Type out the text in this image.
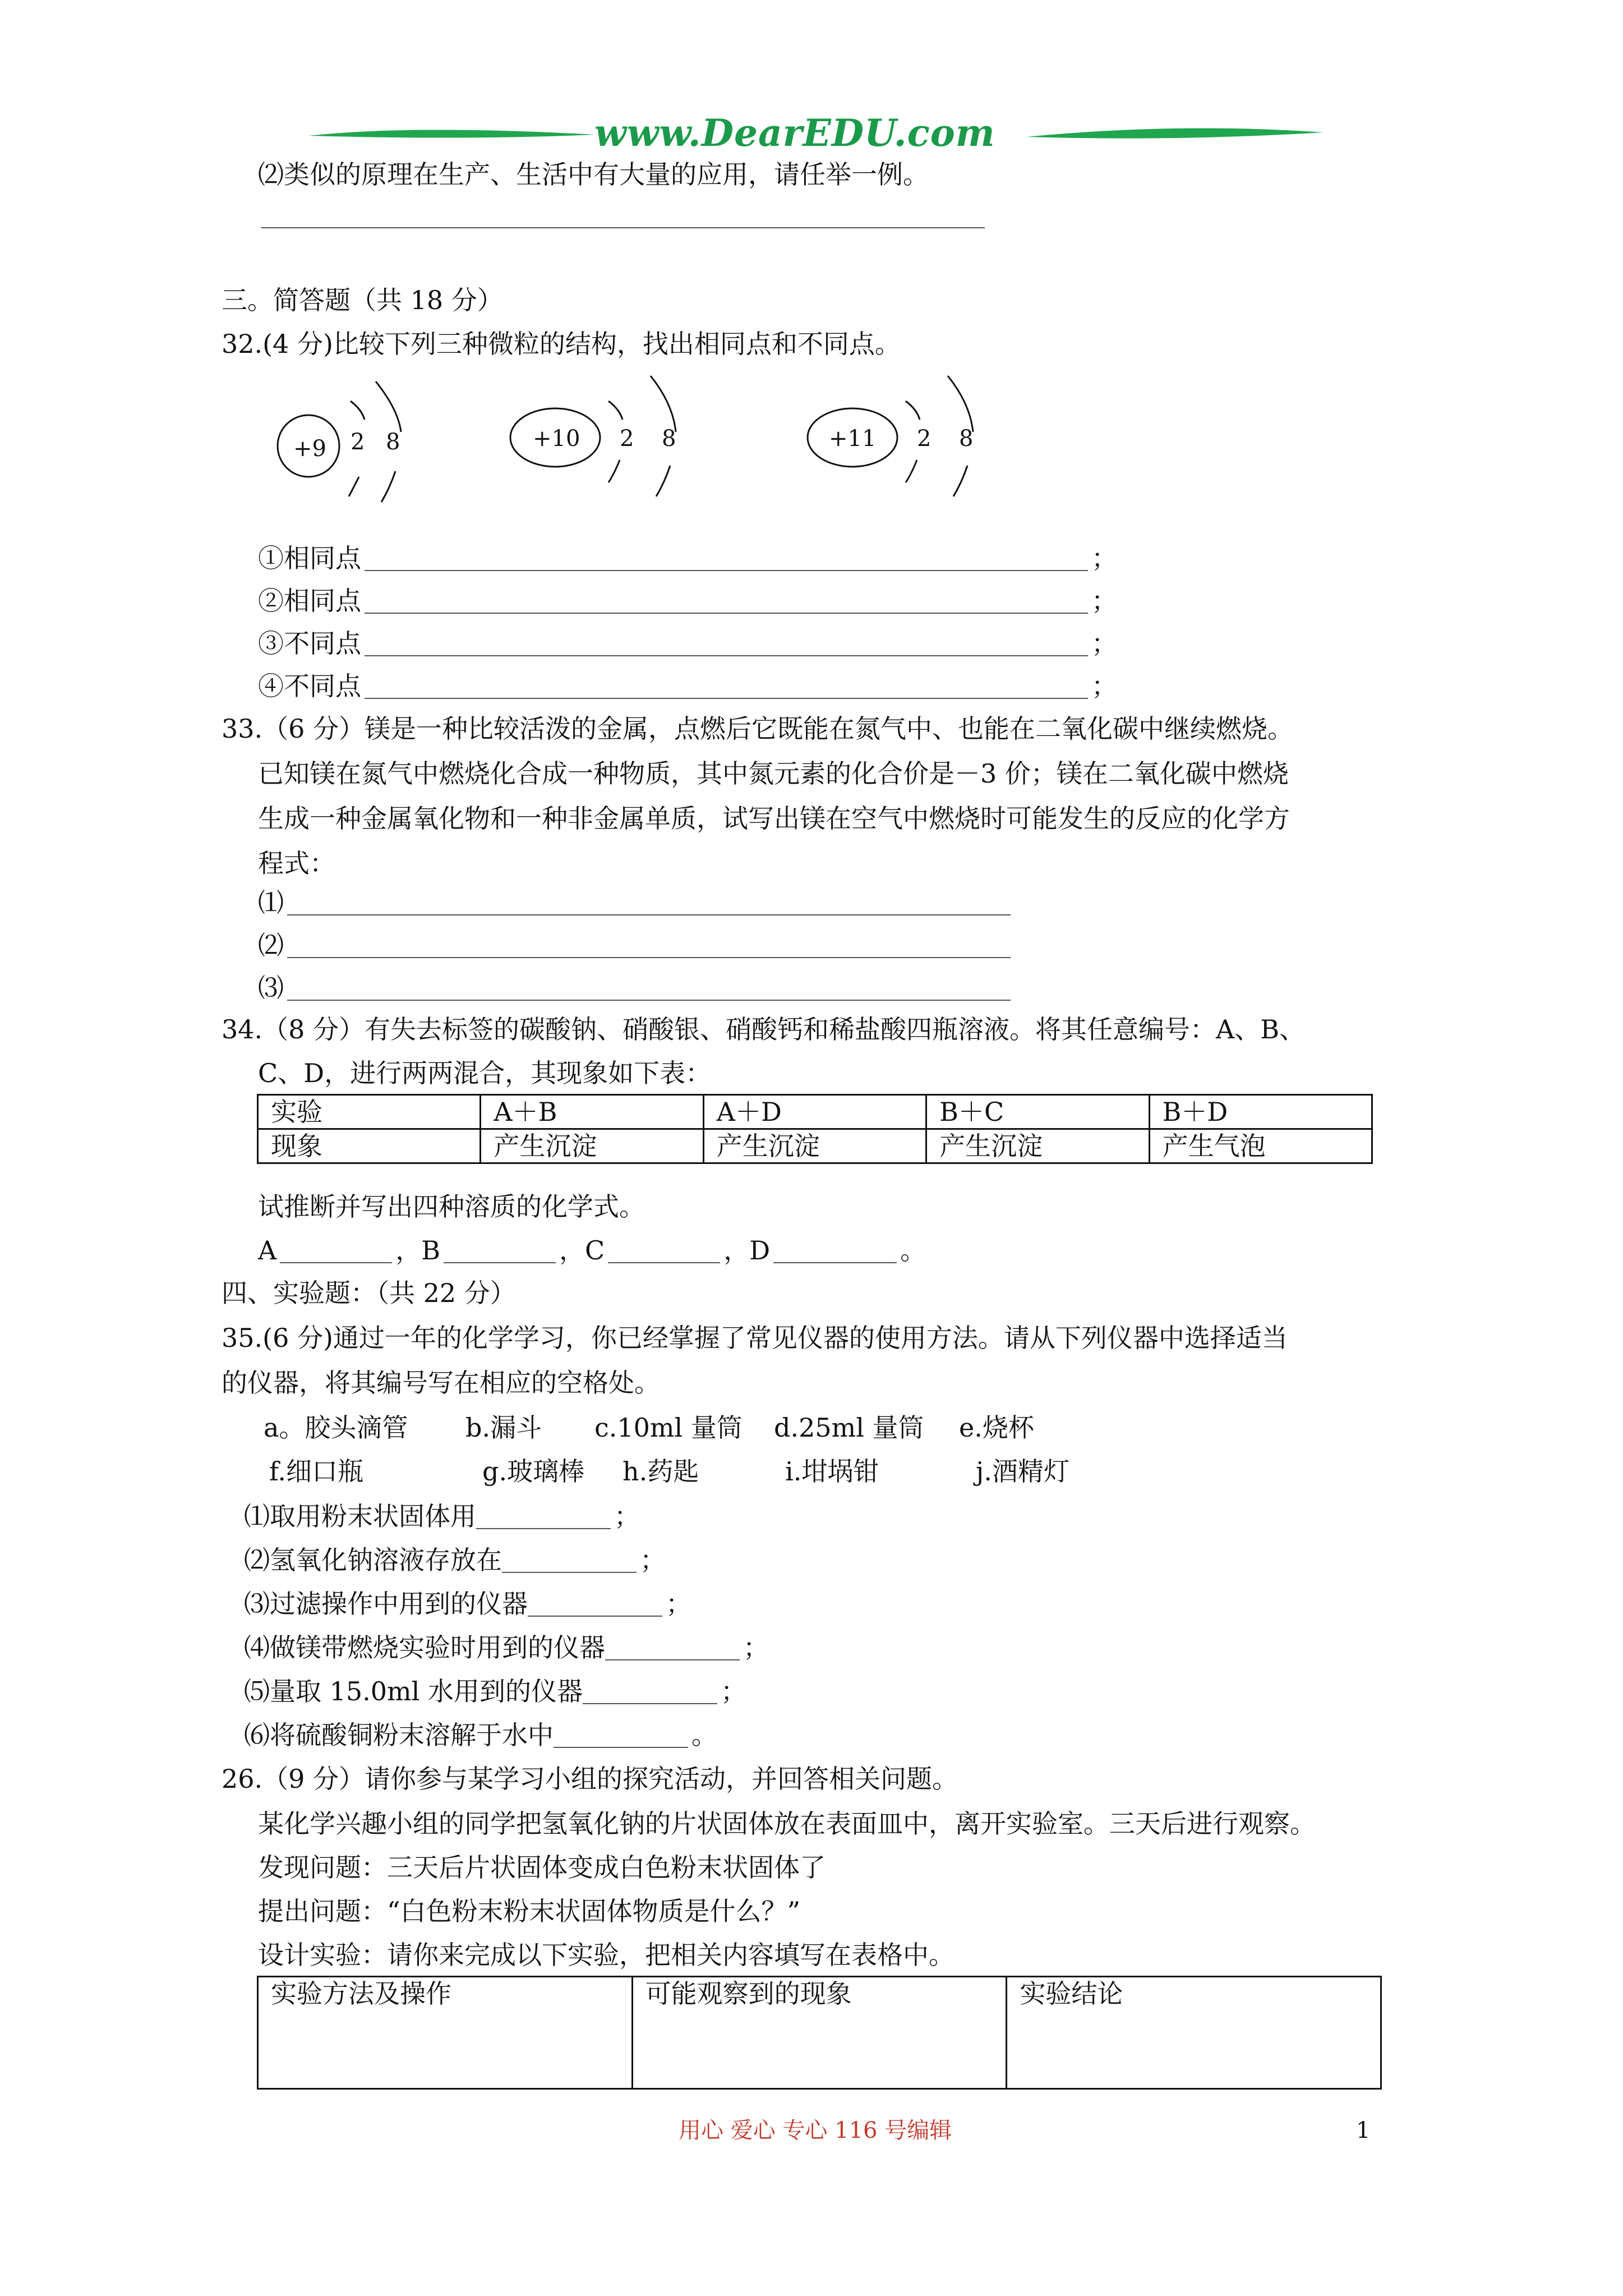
www.DearEDU.com
⑵类似的原理在生产、生活中有大量的应用，请任举一例。
三。简答题（共 18 分）
32.(4 分)比较下列三种微粒的结构，找出相同点和不同点。
+9 2 8	+10 2 8	+11 2 8
①相同点	；
②相同点	；
③不同点	；
④不同点	；
33.（6 分）镁是一种比较活泼的金属，点燃后它既能在氮气中、也能在二氧化碳中继续燃烧。
已知镁在氮气中燃烧化合成一种物质，其中氮元素的化合价是－3 价；镁在二氧化碳中燃烧
生成一种金属氧化物和一种非金属单质，试写出镁在空气中燃烧时可能发生的反应的化学方
程式：
⑴
⑵
⑶
34.（8 分）有失去标签的碳酸钠、硝酸银、硝酸钙和稀盐酸四瓶溶液。将其任意编号：A、B、
C、D，进行两两混合，其现象如下表：
实验	A＋B	A＋D	B＋C	B＋D
现象	产生沉淀	产生沉淀	产生沉淀	产生气泡
试推断并写出四种溶质的化学式。
A	，B	，C	，D	。
四、实验题：（共 22 分）
35.(6 分)通过一年的化学学习，你已经掌握了常见仪器的使用方法。请从下列仪器中选择适当
的仪器，将其编号写在相应的空格处。
a。胶头滴管 b.漏斗 c.10ml 量筒 d.25ml 量筒 e.烧杯
f.细口瓶	g.玻璃棒 h.药匙	i.坩埚钳	j.酒精灯
⑴取用粉末状固体用	；
⑵氢氧化钠溶液存放在	；
⑶过滤操作中用到的仪器	；
⑷做镁带燃烧实验时用到的仪器	；
⑸量取 15.0ml 水用到的仪器	；
⑹将硫酸铜粉末溶解于水中	。
26.（9 分）请你参与某学习小组的探究活动，并回答相关问题。
某化学兴趣小组的同学把氢氧化钠的片状固体放在表面皿中，离开实验室。三天后进行观察。
发现问题：三天后片状固体变成白色粉末状固体了
提出问题：“白色粉末粉末状固体物质是什么？”
设计实验：请你来完成以下实验，把相关内容填写在表格中。
实验方法及操作	可能观察到的现象	实验结论
用心 爱心 专心 116 号编辑	1
